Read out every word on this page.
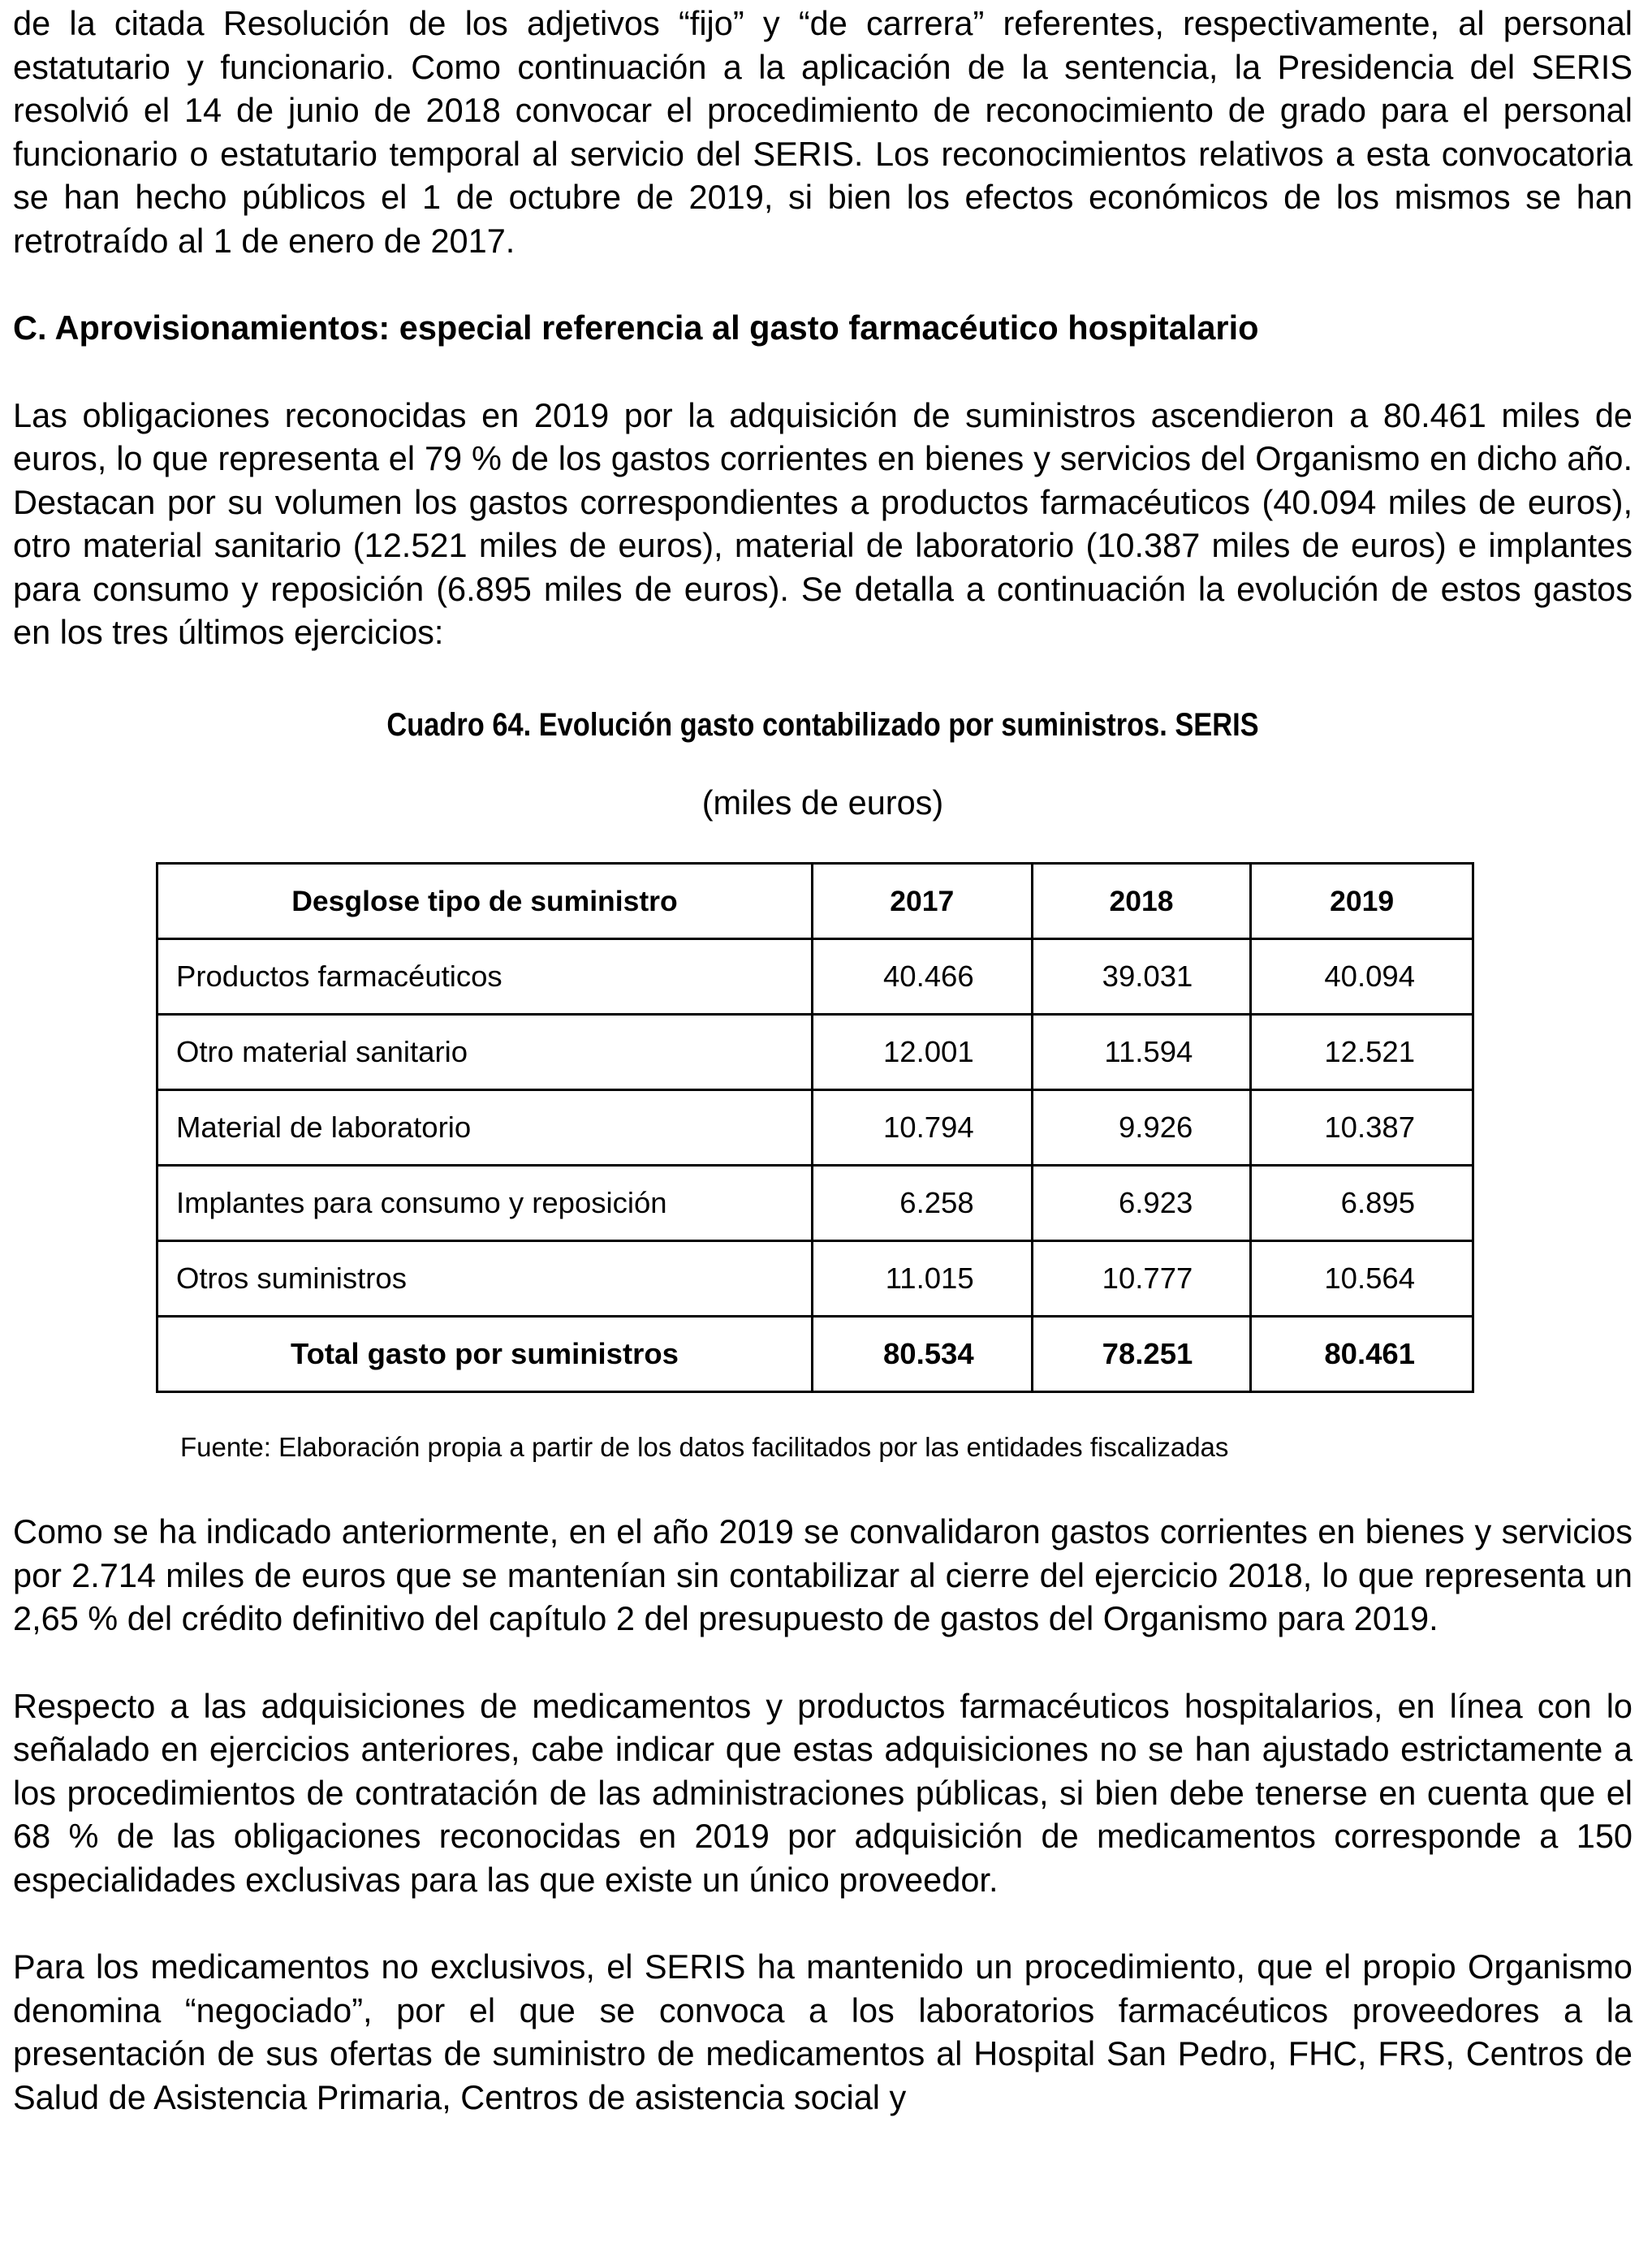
de la citada Resolución de los adjetivos “fijo” y “de carrera” referentes, respectivamente, al personal estatutario y funcionario. Como continuación a la aplicación de la sentencia, la Presidencia del SERIS resolvió el 14 de junio de 2018 convocar el procedimiento de reconocimiento de grado para el personal funcionario o estatutario temporal al servicio del SERIS. Los reconocimientos relativos a esta convocatoria se han hecho públicos el 1 de octubre de 2019, si bien los efectos económicos de los mismos se han retrotraído al 1 de enero de 2017.

C. Aprovisionamientos: especial referencia al gasto farmacéutico hospitalario

Las obligaciones reconocidas en 2019 por la adquisición de suministros ascendieron a 80.461 miles de euros, lo que representa el 79 % de los gastos corrientes en bienes y servicios del Organismo en dicho año. Destacan por su volumen los gastos correspondientes a productos farmacéuticos (40.094 miles de euros), otro material sanitario (12.521 miles de euros), material de laboratorio (10.387 miles de euros) e implantes para consumo y reposición (6.895 miles de euros). Se detalla a continuación la evolución de estos gastos en los tres últimos ejercicios:

Cuadro 64. Evolución gasto contabilizado por suministros. SERIS
(miles de euros)
Desglose tipo de suministro	2017	2018	2019
Productos farmacéuticos	40.466	39.031	40.094
Otro material sanitario	12.001	11.594	12.521
Material de laboratorio	10.794	9.926	10.387
Implantes para consumo y reposición	6.258	6.923	6.895
Otros suministros	11.015	10.777	10.564
Total gasto por suministros	80.534	78.251	80.461
Fuente: Elaboración propia a partir de los datos facilitados por las entidades fiscalizadas

Como se ha indicado anteriormente, en el año 2019 se convalidaron gastos corrientes en bienes y servicios por 2.714 miles de euros que se mantenían sin contabilizar al cierre del ejercicio 2018, lo que representa un 2,65 % del crédito definitivo del capítulo 2 del presupuesto de gastos del Organismo para 2019.

Respecto a las adquisiciones de medicamentos y productos farmacéuticos hospitalarios, en línea con lo señalado en ejercicios anteriores, cabe indicar que estas adquisiciones no se han ajustado estrictamente a los procedimientos de contratación de las administraciones públicas, si bien debe tenerse en cuenta que el 68 % de las obligaciones reconocidas en 2019 por adquisición de medicamentos corresponde a 150 especialidades exclusivas para las que existe un único proveedor.

Para los medicamentos no exclusivos, el SERIS ha mantenido un procedimiento, que el propio Organismo denomina “negociado”, por el que se convoca a los laboratorios farmacéuticos proveedores a la presentación de sus ofertas de suministro de medicamentos al Hospital San Pedro, FHC, FRS, Centros de Salud de Asistencia Primaria, Centros de asistencia social y
